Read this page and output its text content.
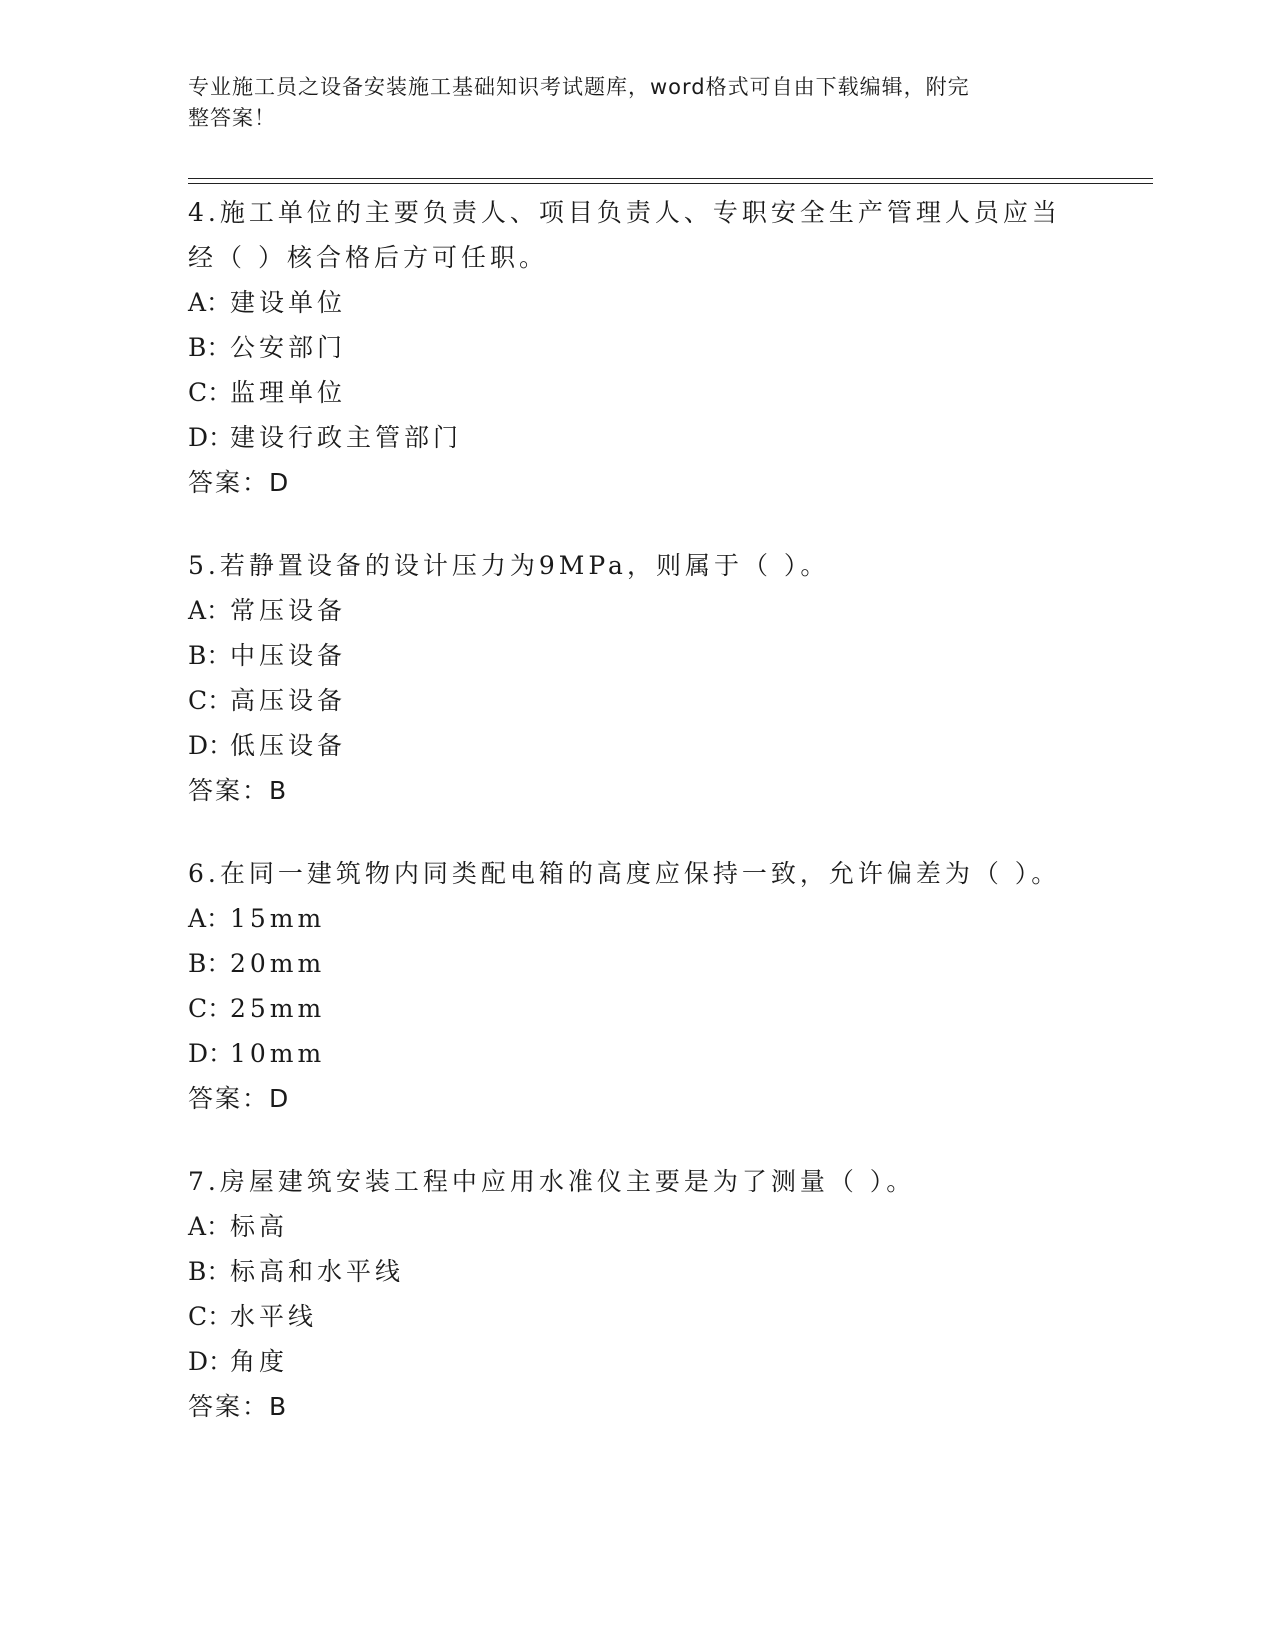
专业施工员之设备安装施工基础知识考试题库，word格式可自由下载编辑，附完
整答案！
4.施工单位的主要负责人、项目负责人、专职安全生产管理人员应当
经（ ）核合格后方可任职。
A：建设单位
B：公安部门
C：监理单位
D：建设行政主管部门
答案：D
5.若静置设备的设计压力为9MPa，则属于（ ）。
A：常压设备
B：中压设备
C：高压设备
D：低压设备
答案：B
6.在同一建筑物内同类配电箱的高度应保持一致，允许偏差为（ ）。
A：15mm
B：20mm
C：25mm
D：10mm
答案：D
7.房屋建筑安装工程中应用水准仪主要是为了测量（ ）。
A：标高
B：标高和水平线
C：水平线
D：角度
答案：B
